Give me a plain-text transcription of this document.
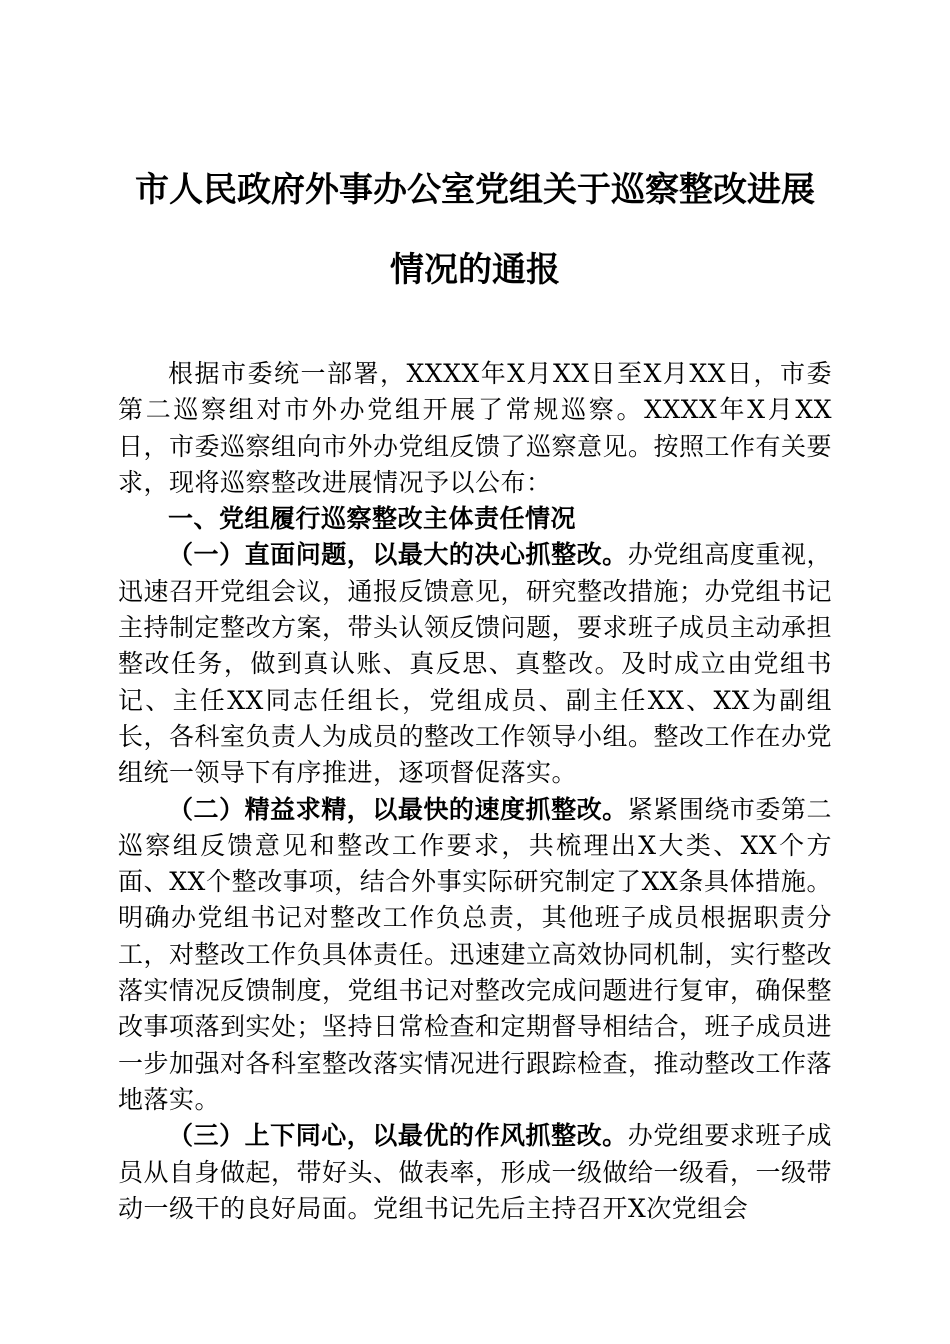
市人民政府外事办公室党组关于巡察整改进展
情况的通报

根据市委统一部署，XXXX年X月XX日至X月XX日，市委第二巡察组对市外办党组开展了常规巡察。XXXX年X月XX日，市委巡察组向市外办党组反馈了巡察意见。按照工作有关要求，现将巡察整改进展情况予以公布：

一、党组履行巡察整改主体责任情况

（一）直面问题，以最大的决心抓整改。办党组高度重视，迅速召开党组会议，通报反馈意见，研究整改措施；办党组书记主持制定整改方案，带头认领反馈问题，要求班子成员主动承担整改任务，做到真认账、真反思、真整改。及时成立由党组书记、主任XX同志任组长，党组成员、副主任XX、XX为副组长，各科室负责人为成员的整改工作领导小组。整改工作在办党组统一领导下有序推进，逐项督促落实。

（二）精益求精，以最快的速度抓整改。紧紧围绕市委第二巡察组反馈意见和整改工作要求，共梳理出X大类、XX个方面、XX个整改事项，结合外事实际研究制定了XX条具体措施。明确办党组书记对整改工作负总责，其他班子成员根据职责分工，对整改工作负具体责任。迅速建立高效协同机制，实行整改落实情况反馈制度，党组书记对整改完成问题进行复审，确保整改事项落到实处；坚持日常检查和定期督导相结合，班子成员进一步加强对各科室整改落实情况进行跟踪检查，推动整改工作落地落实。

（三）上下同心，以最优的作风抓整改。办党组要求班子成员从自身做起，带好头、做表率，形成一级做给一级看，一级带动一级干的良好局面。党组书记先后主持召开X次党组会
